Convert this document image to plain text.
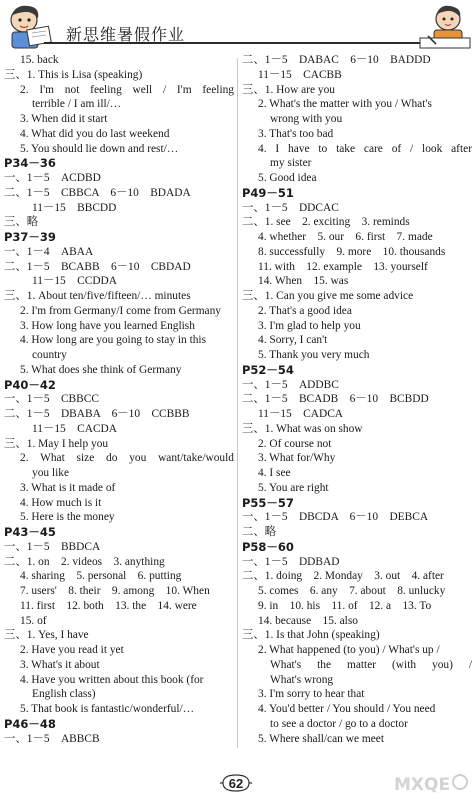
新思维暑假作业
15. back
三、1. This is Lisa (speaking)
2. I'm not feeling well / I'm feeling
terrible / I am ill/…
3. When did it start
4. What did you do last weekend
5. You should lie down and rest/…
P34－36
一、1－5　ACDBD
二、1－5　CBBCA　6－10　BDADA
11－15　BBCDD
三、略
P37－39
一、1－4　ABAA
二、1－5　BCABB　6－10　CBDAD
11－15　CCDDA
三、1. About ten/five/fifteen/… minutes
2. I'm from Germany/I come from Germany
3. How long have you learned English
4. How long are you going to stay in this
country
5. What does she think of Germany
P40－42
一、1－5　CBBCC
二、1－5　DBABA　6－10　CCBBB
11－15　CACDA
三、1. May I help you
2. What size do you want/take/would
you like
3. What is it made of
4. How much is it
5. Here is the money
P43－45
一、1－5　BBDCA
二、1. on　2. videos　3. anything
4. sharing　5. personal　6. putting
7. users'　8. their　9. among　10. When
11. first　12. both　13. the　14. were
15. of
三、1. Yes, I have
2. Have you read it yet
3. What's it about
4. Have you written about this book (for
English class)
5. That book is fantastic/wonderful/…
P46－48
一、1－5　ABBCB
二、1－5　DABAC　6－10　BADDD
11－15　CACBB
三、1. How are you
2. What's the matter with you / What's
wrong with you
3. That's too bad
4. I have to take care of / look after
my sister
5. Good idea
P49－51
一、1－5　DDCAC
二、1. see　2. exciting　3. reminds
4. whether　5. our　6. first　7. made
8. successfully　9. more　10. thousands
11. with　12. example　13. yourself
14. When　15. was
三、1. Can you give me some advice
2. That's a good idea
3. I'm glad to help you
4. Sorry, I can't
5. Thank you very much
P52－54
一、1－5　ADDBC
二、1－5　BCADB　6－10　BCBDD
11－15　CADCA
三、1. What was on show
2. Of course not
3. What for/Why
4. I see
5. You are right
P55－57
一、1－5　DBCDA　6－10　DEBCA
二、略
P58－60
一、1－5　DDBAD
二、1. doing　2. Monday　3. out　4. after
5. comes　6. any　7. about　8. unlucky
9. in　10. his　11. of　12. a　13. To
14. because　15. also
三、1. Is that John (speaking)
2. What happened (to you) / What's up /
What's the matter (with you) /
What's wrong
3. I'm sorry to hear that
4. You'd better / You should / You need
to see a doctor / go to a doctor
5. Where shall/can we meet
62	MXQE
